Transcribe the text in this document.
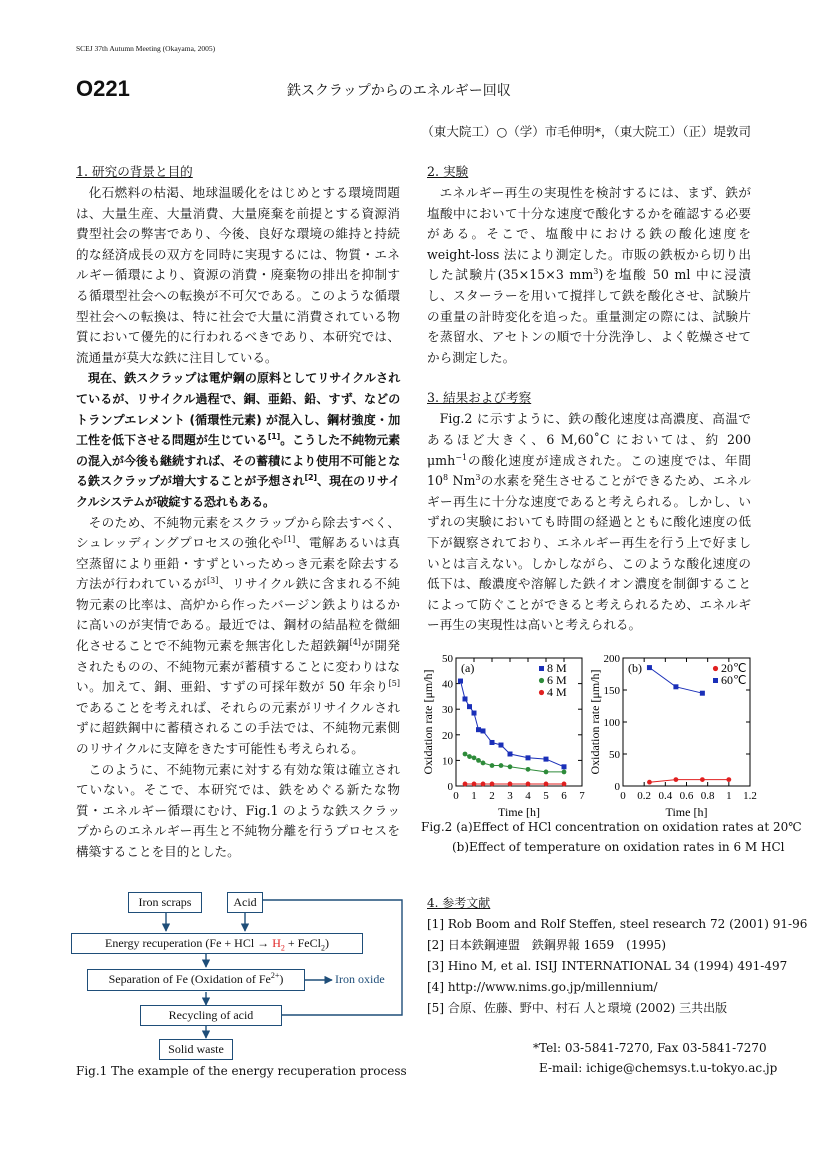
SCEJ 37th Autumn Meeting (Okayama, 2005)
O221	鉄スクラップからのエネルギー回収
（東大院工）○（学）市毛伸明*，（東大院工）（正）堤敦司
1. 研究の背景と目的

化石燃料の枯渇、地球温暖化をはじめとする環境問題は、大量生産、大量消費、大量廃棄を前提とする資源消費型社会の弊害であり、今後、良好な環境の維持と持続的な経済成長の双方を同時に実現するには、物質・エネルギー循環により、資源の消費・廃棄物の排出を抑制する循環型社会への転換が不可欠である。このような循環型社会への転換は、特に社会で大量に消費されている物質において優先的に行われるべきであり、本研究では、流通量が莫大な鉄に注目している。

現在、鉄スクラップは電炉鋼の原料としてリサイクルされているが、リサイクル過程で、銅、亜鉛、鉛、すず、などのトランプエレメント (循環性元素) が混入し、鋼材強度・加工性を低下させる問題が生じている[1]。こうした不純物元素の混入が今後も継続すれば、その蓄積により使用不可能となる鉄スクラップが増大することが予想され[2]、現在のリサイクルシステムが破綻する恐れもある。

そのため、不純物元素をスクラップから除去すべく、シュレッディングプロセスの強化や[1]、電解あるいは真空蒸留により亜鉛・すずといっためっき元素を除去する方法が行われているが[3]、リサイクル鉄に含まれる不純物元素の比率は、高炉から作ったバージン鉄よりはるかに高いのが実情である。最近では、鋼材の結晶粒を微細化させることで不純物元素を無害化した超鉄鋼[4]が開発されたものの、不純物元素が蓄積することに変わりはない。加えて、銅、亜鉛、すずの可採年数が 50 年余り[5]であることを考えれば、それらの元素がリサイクルされずに超鉄鋼中に蓄積されるこの手法では、不純物元素側のリサイクルに支障をきたす可能性も考えられる。

このように、不純物元素に対する有効な策は確立されていない。そこで、本研究では、鉄をめぐる新たな物質・エネルギー循環にむけ、Fig.1 のような鉄スクラップからのエネルギー再生と不純物分離を行うプロセスを構築することを目的とした。

Iron scraps	Acid
Energy recuperation (Fe + HCl → $H_2$ + FeCl$_2$)
Separation of Fe (Oxidation of $Fe^{2+}$)	Iron oxide
Recycling of acid
Solid waste
Fig.1 The example of the energy recuperation process
2. 実験

エネルギー再生の実現性を検討するには、まず、鉄が塩酸中において十分な速度で酸化するかを確認する必要がある。そこで、塩酸中における鉄の酸化速度を weight-loss 法により測定した。市販の鉄板から切り出した試験片(35×15×3 $mm^3$)を塩酸 50 ml 中に浸漬し、スターラーを用いて撹拌して鉄を酸化させ、試験片の重量の計時変化を追った。重量測定の際には、試験片を蒸留水、アセトンの順で十分洗浄し、よく乾燥させてから測定した。

3. 結果および考察

Fig.2 に示すように、鉄の酸化速度は高濃度、高温であるほど大きく、6 M,60˚C においては、約 200 μmh$^{-1}$の酸化速度が達成された。この速度では、年間 $10^8$ Nm$^3$の水素を発生させることができるため、エネルギー再生に十分な速度であると考えられる。しかし、いずれの実験においても時間の経過とともに酸化速度の低下が観察されており、エネルギー再生を行う上で好ましいとは言えない。しかしながら、このような酸化速度の低下は、酸濃度や溶解した鉄イオン濃度を制御することによって防ぐことができると考えられるため、エネルギー再生の実現性は高いと考えられる。

0
10
20
30
40
50
0 1 2 3 4 5 6 7
Time [h]
Oxidation rate [μm/h]
(a)	8 M
6 M
4 M
0
50
100
150
200
0 0.2 0.4 0.6 0.8 1 1.2
Time [h]
Oxidation rate [μm/h]
(b)	20℃
60℃
Fig.2 (a)Effect of HCl concentration on oxidation rates at 20℃
(b)Effect of temperature on oxidation rates in 6 M HCl
4. 参考文献
[1] Rob Boom and Rolf Steffen, steel research 72 (2001) 91-96
[2] 日本鉄鋼連盟　鉄鋼界報 1659　(1995)
[3] Hino M, et al. ISIJ INTERNATIONAL 34 (1994) 491-497
[4] http://www.nims.go.jp/millennium/
[5] 合原、佐藤、野中、村石 人と環境 (2002) 三共出版
*Tel: 03-5841-7270, Fax 03-5841-7270
E-mail: ichige@chemsys.t.u-tokyo.ac.jp
